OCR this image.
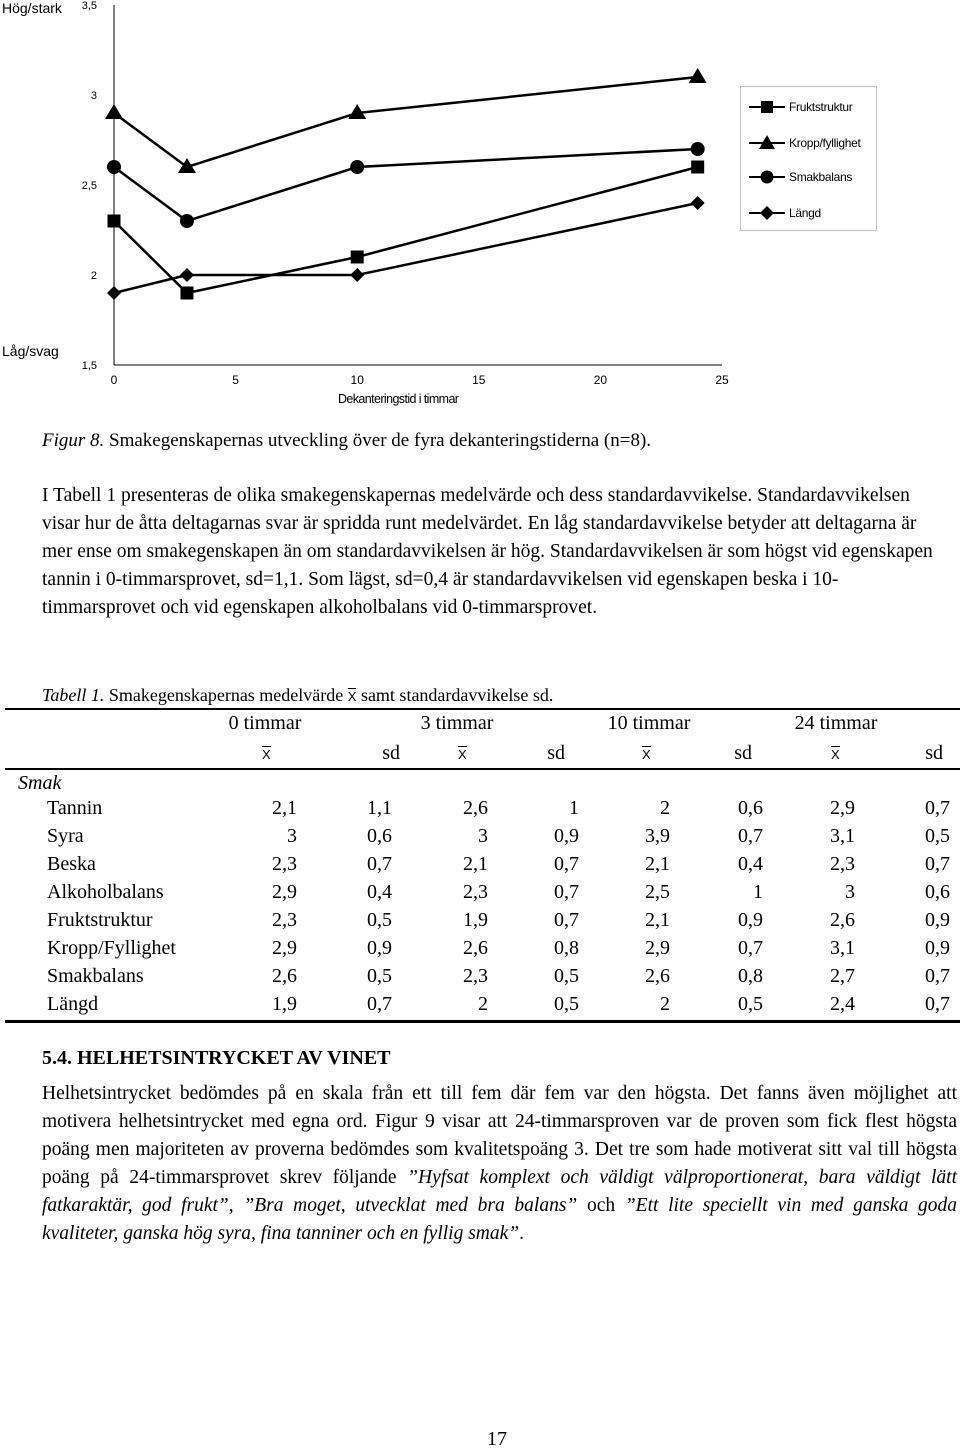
Hög/stark
Låg/svag
1,5
2
2,5
3
3,5
0	5	10	15	20	25
Dekanteringstid i timmar
Fruktstruktur
Kropp/fyllighet
Smakbalans
Längd
Figur 8. Smakegenskapernas utveckling över de fyra dekanteringstiderna (n=8).
I Tabell 1 presenteras de olika smakegenskapernas medelvärde och dess standardavvikelse. Standardavvikelsen visar hur de åtta deltagarnas svar är spridda runt medelvärdet. En låg standardavvikelse betyder att deltagarna är mer ense om smakegenskapen än om standardavvikelsen är hög. Standardavvikelsen är som högst vid egenskapen tannin i 0-timmarsprovet, sd=1,1. Som lägst, sd=0,4 är standardavvikelsen vid egenskapen beska i 10-timmarsprovet och vid egenskapen alkoholbalans vid 0-timmarsprovet.
Tabell 1. Smakegenskapernas medelvärde X samt standardavvikelse sd.
0 timmar	3 timmar	10 timmar	24 timmar
X	sd	X	sd	X	sd	X	sd
Smak
Tannin	2,1	1,1	2,6	1	2	0,6	2,9	0,7
Syra	3	0,6	3	0,9	3,9	0,7	3,1	0,5
Beska	2,3	0,7	2,1	0,7	2,1	0,4	2,3	0,7
Alkoholbalans	2,9	0,4	2,3	0,7	2,5	1	3	0,6
Fruktstruktur	2,3	0,5	1,9	0,7	2,1	0,9	2,6	0,9
Kropp/Fyllighet	2,9	0,9	2,6	0,8	2,9	0,7	3,1	0,9
Smakbalans	2,6	0,5	2,3	0,5	2,6	0,8	2,7	0,7
Längd	1,9	0,7	2	0,5	2	0,5	2,4	0,7
5.4. HELHETSINTRYCKET AV VINET
Helhetsintrycket bedömdes på en skala från ett till fem där fem var den högsta. Det fanns även möjlighet att motivera helhetsintrycket med egna ord. Figur 9 visar att 24-timmarsproven var de proven som fick flest högsta poäng men majoriteten av proverna bedömdes som kvalitetspoäng 3. Det tre som hade motiverat sitt val till högsta poäng på 24-timmarsprovet skrev följande ”Hyfsat komplext och väldigt välproportionerat, bara väldigt lätt fatkaraktär, god frukt”, ”Bra moget, utvecklat med bra balans” och ”Ett lite speciellt vin med ganska goda kvaliteter, ganska hög syra, fina tanniner och en fyllig smak”.
17
